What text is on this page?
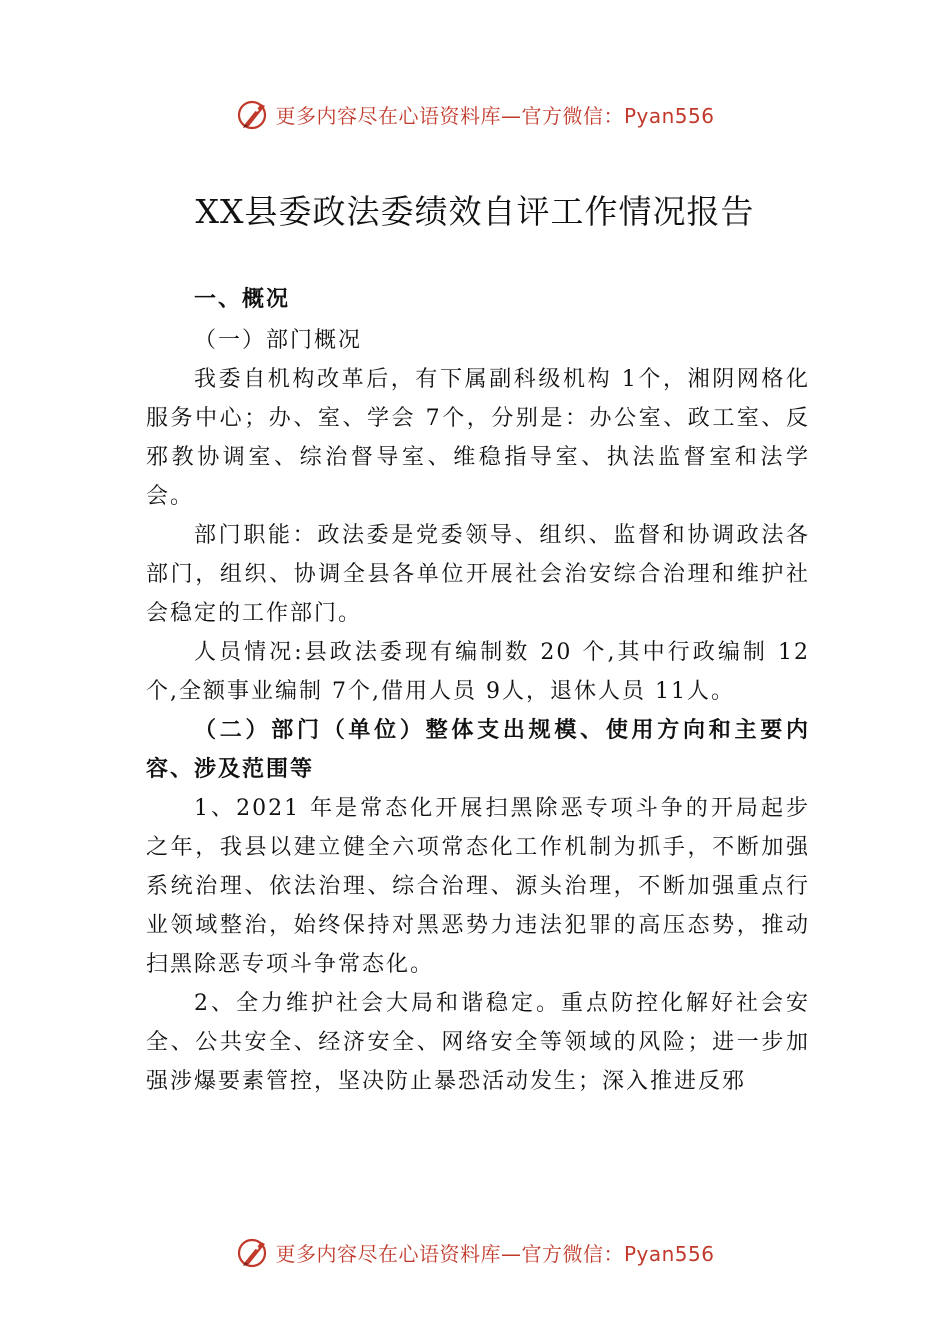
更多内容尽在心语资料库—官方微信：Pyan556
XX县委政法委绩效自评工作情况报告

一、概况

（一）部门概况

我委自机构改革后，有下属副科级机构 1个，湘阴网格化服务中心；办、室、学会 7个，分别是：办公室、政工室、反邪教协调室、综治督导室、维稳指导室、执法监督室和法学会。

部门职能：政法委是党委领导、组织、监督和协调政法各部门，组织、协调全县各单位开展社会治安综合治理和维护社会稳定的工作部门。

人员情况:县政法委现有编制数 20 个,其中行政编制 12 个,全额事业编制 7个,借用人员 9人，退休人员 11人。

（二）部门（单位）整体支出规模、使用方向和主要内容、涉及范围等

1、2021 年是常态化开展扫黑除恶专项斗争的开局起步之年，我县以建立健全六项常态化工作机制为抓手，不断加强系统治理、依法治理、综合治理、源头治理，不断加强重点行业领域整治，始终保持对黑恶势力违法犯罪的高压态势，推动扫黑除恶专项斗争常态化。

2、全力维护社会大局和谐稳定。重点防控化解好社会安全、公共安全、经济安全、网络安全等领域的风险；进一步加强涉爆要素管控，坚决防止暴恐活动发生；深入推进反邪

更多内容尽在心语资料库—官方微信：Pyan556
